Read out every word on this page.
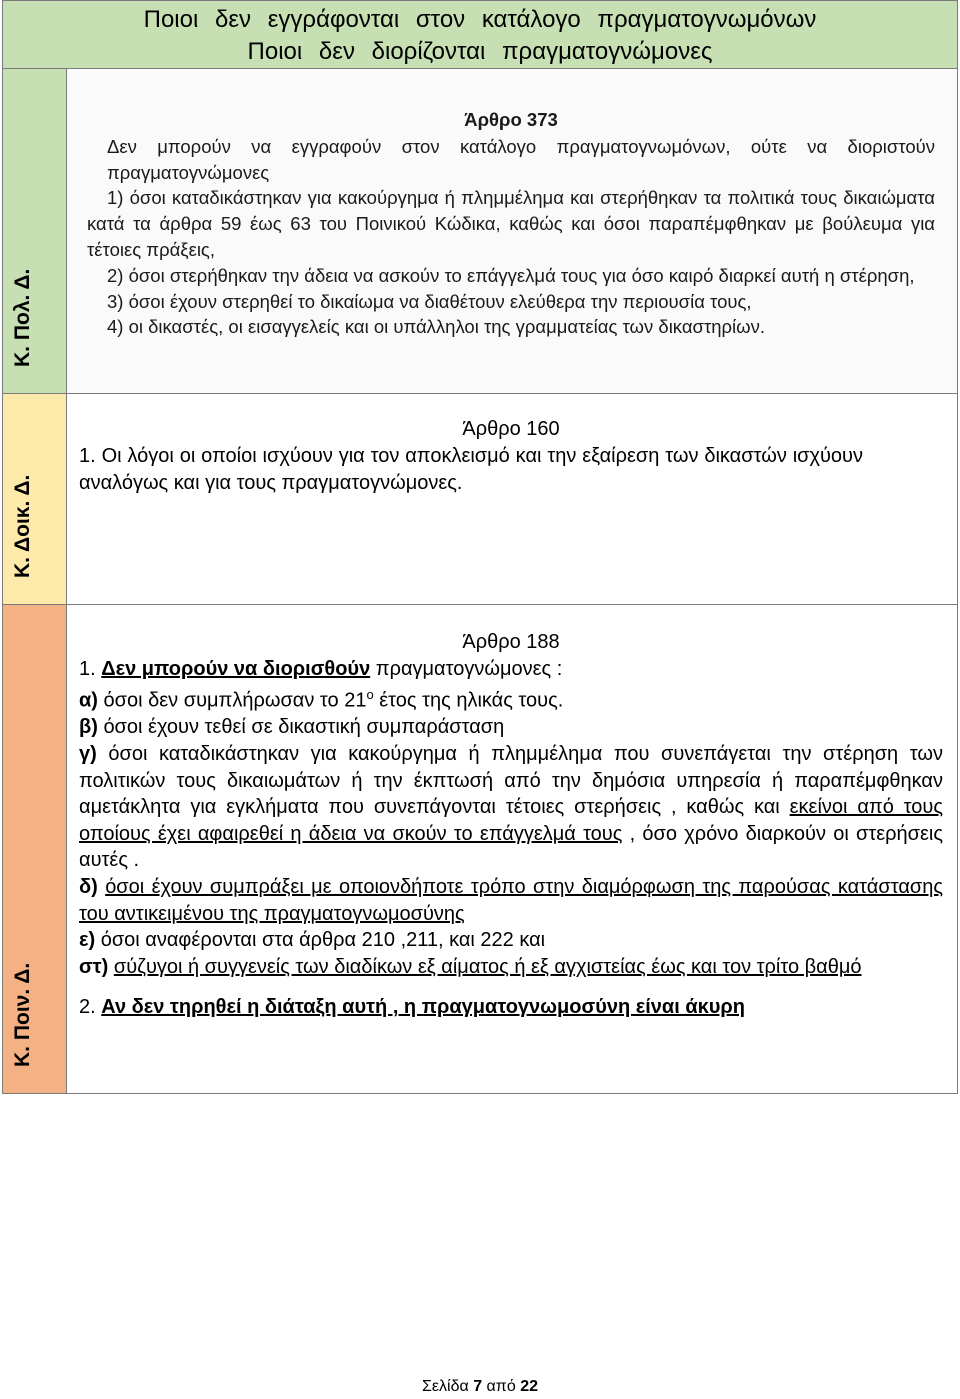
Ποιοι δεν εγγράφονται στον κατάλογο πραγματογνωμόνων
Ποιοι δεν διορίζονται πραγματογνώμονες
Κ. Πολ. Δ.
Άρθρο 373

Δεν μπορούν να εγγραφούν στον κατάλογο πραγματογνωμόνων, ούτε να διοριστούν πραγματογνώμονες

1) όσοι καταδικάστηκαν για κακούργημα ή πλημμέλημα και στερήθηκαν τα πολιτικά τους δικαιώματα κατά τα άρθρα 59 έως 63 του Ποινικού Κώδικα, καθώς και όσοι παραπέμφθηκαν με βούλευμα για τέτοιες πράξεις,

2) όσοι στερήθηκαν την άδεια να ασκούν το επάγγελμά τους για όσο καιρό διαρκεί αυτή η στέρηση,

3) όσοι έχουν στερηθεί το δικαίωμα να διαθέτουν ελεύθερα την περιουσία τους,

4) οι δικαστές, οι εισαγγελείς και οι υπάλληλοι της γραμματείας των δικαστηρίων.

Κ. Δοικ. Δ.
Άρθρο 160
1. Οι λόγοι οι οποίοι ισχύουν για τον αποκλεισμό και την εξαίρεση των δικαστών ισχύουν αναλόγως και για τους πραγματογνώμονες.
Κ. Ποιν. Δ.
Άρθρο 188
1. Δεν μπορούν να διορισθούν πραγματογνώμονες :
α) όσοι δεν συμπλήρωσαν το $21^o$ έτος της ηλικάς τους.
β) όσοι έχουν τεθεί σε δικαστική συμπαράσταση
γ) όσοι καταδικάστηκαν για κακούργημα ή πλημμέλημα που συνεπάγεται την στέρηση των πολιτικών τους δικαιωμάτων ή την έκπτωσή από την δημόσια υπηρεσία ή παραπέμφθηκαν αμετάκλητα για εγκλήματα που συνεπάγονται τέτοιες στερήσεις , καθώς και εκείνοι από τους οποίους έχει αφαιρεθεί η άδεια να σκούν το επάγγελμά τους , όσο χρόνο διαρκούν οι στερήσεις αυτές .
δ) όσοι έχουν συμπράξει με οποιονδήποτε τρόπο στην διαμόρφωση της παρούσας κατάστασης του αντικειμένου της πραγματογνωμοσύνης
ε) όσοι αναφέρονται στα άρθρα 210 ,211, και 222 και
στ) σύζυγοι ή συγγενείς των διαδίκων εξ αίματος ή εξ αγχιστείας έως και τον τρίτο βαθμό
2. Αν δεν τηρηθεί η διάταξη αυτή , η πραγματογνωμοσύνη είναι άκυρη
Σελίδα 7 από 22
